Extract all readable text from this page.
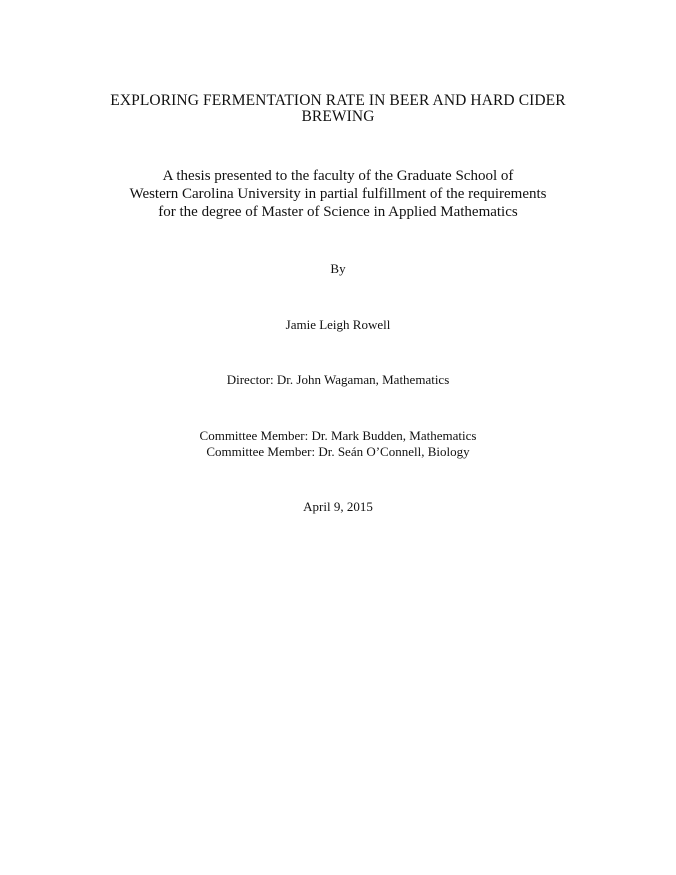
EXPLORING FERMENTATION RATE IN BEER AND HARD CIDER
BREWING
A thesis presented to the faculty of the Graduate School of
Western Carolina University in partial fulfillment of the requirements
for the degree of Master of Science in Applied Mathematics
By
Jamie Leigh Rowell
Director: Dr. John Wagaman, Mathematics
Committee Member: Dr. Mark Budden, Mathematics
Committee Member: Dr. Seán O’Connell, Biology
April 9, 2015
